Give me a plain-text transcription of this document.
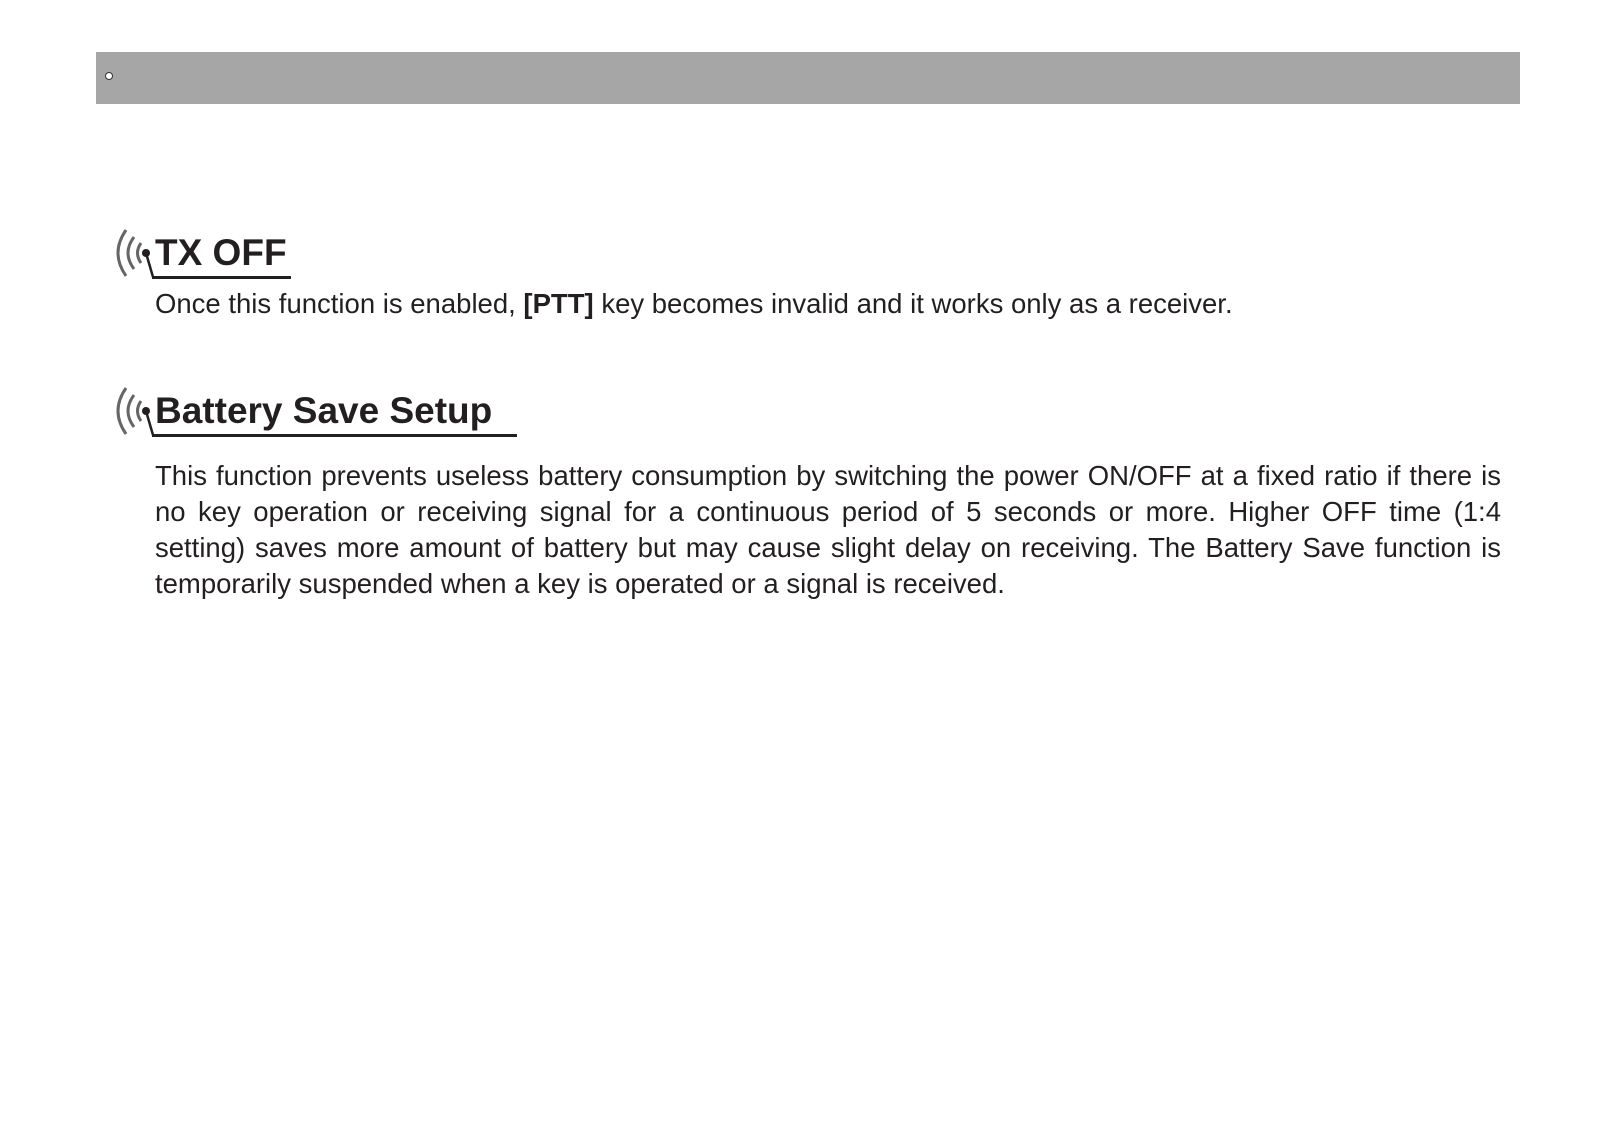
TX OFF
Once this function is enabled, [PTT] key becomes invalid and it works only as a receiver.
Battery Save Setup
This function prevents useless battery consumption by switching the power ON/OFF at a fixed ratio if there is no key operation or receiving signal for a continuous period of 5 seconds or more. Higher OFF time (1:4 setting) saves more amount of battery but may cause slight delay on receiving. The Battery Save function is temporarily suspended when a key is operated or a signal is received.
